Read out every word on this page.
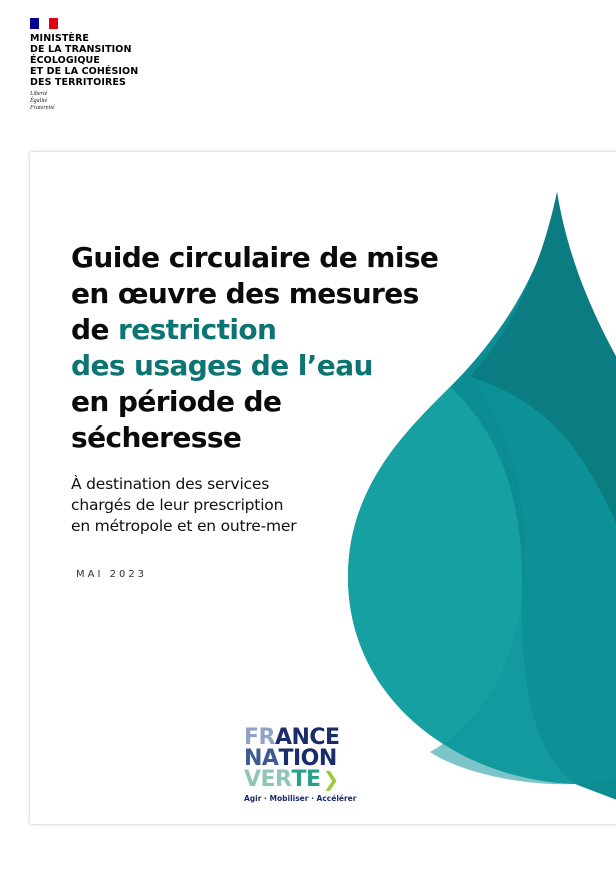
MINISTÈRE
DE LA TRANSITION
ÉCOLOGIQUE
ET DE LA COHÉSION
DES TERRITOIRES
Liberté
Égalité
Fraternité
Guide circulaire de mise
en œuvre des mesures
de restriction
des usages de l’eau
en période de
sécheresse
À destination des services
chargés de leur prescription
en métropole et en outre-mer
MAI 2023
FRANCE
NATION
VERTE ❯
Agir · Mobiliser · Accélérer
